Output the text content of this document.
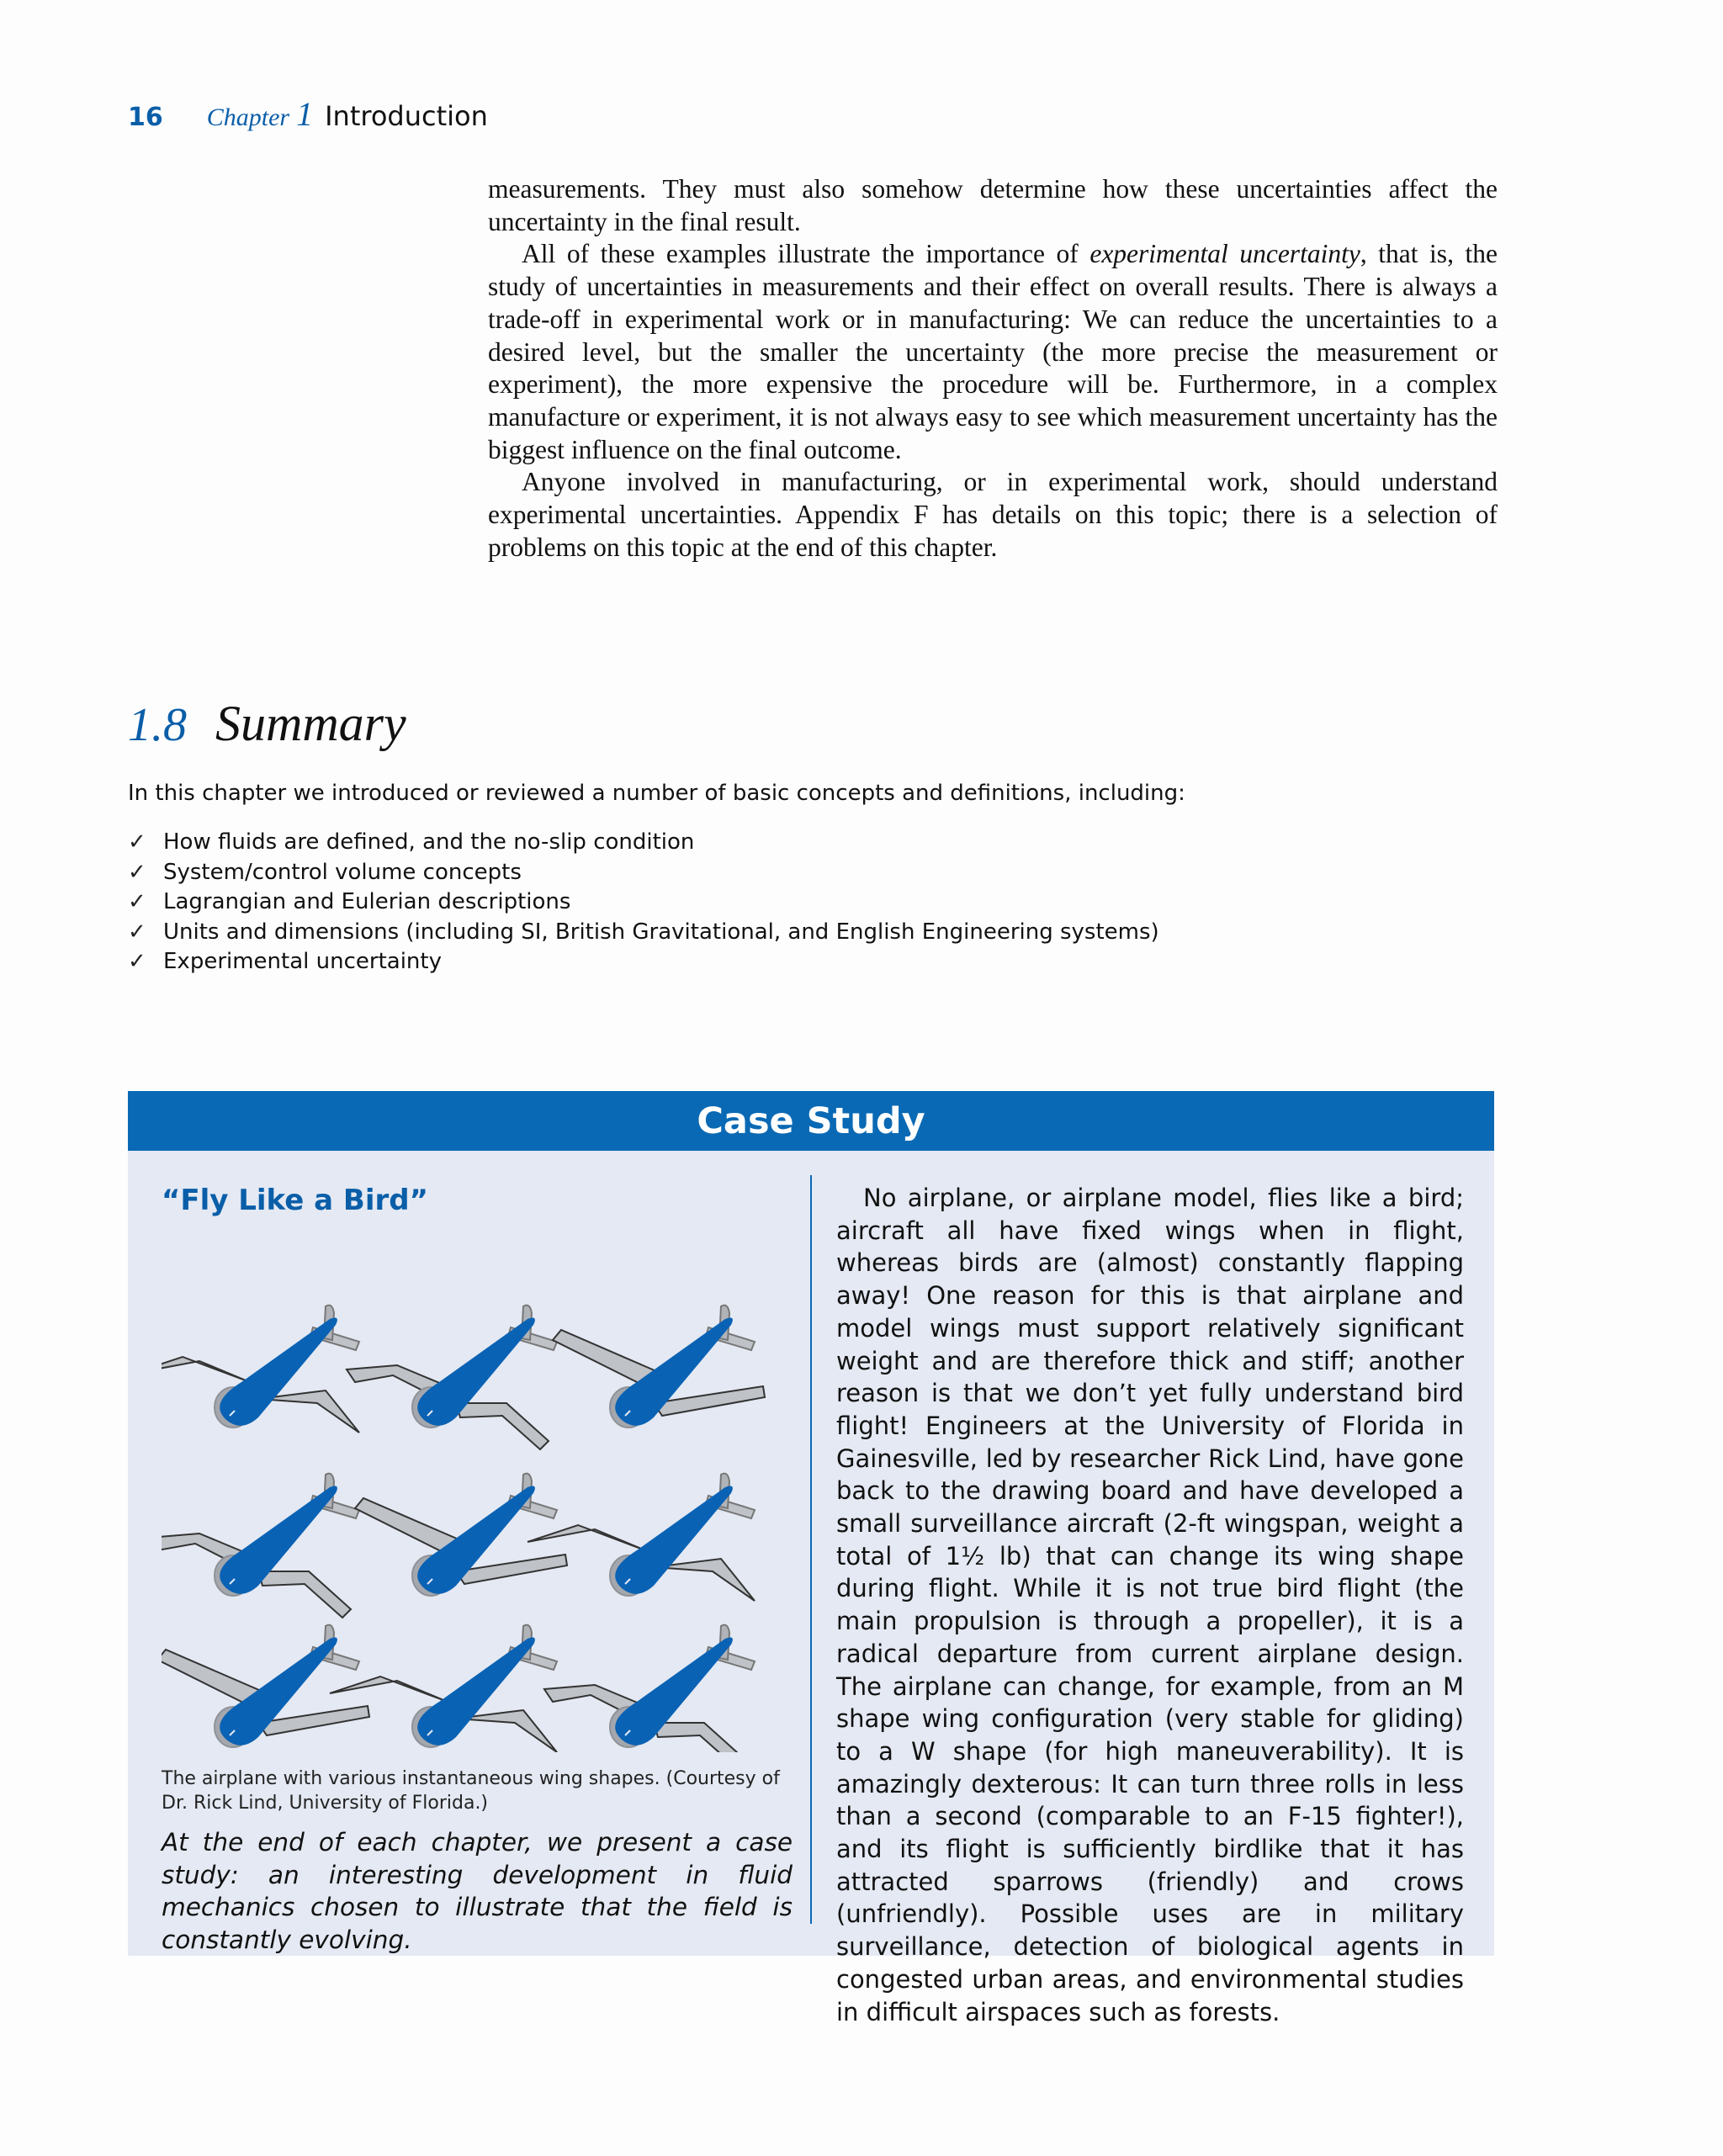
16 Chapter 1 Introduction

measurements. They must also somehow determine how these uncertainties affect the uncertainty in the final result.

All of these examples illustrate the importance of experimental uncertainty, that is, the study of uncertainties in measurements and their effect on overall results. There is always a trade-off in experimental work or in manufacturing: We can reduce the uncertainties to a desired level, but the smaller the uncertainty (the more precise the measurement or experiment), the more expensive the procedure will be. Furthermore, in a complex manufacture or experiment, it is not always easy to see which measurement uncertainty has the biggest influence on the final outcome.

Anyone involved in manufacturing, or in experimental work, should understand experimental uncertainties. Appendix F has details on this topic; there is a selection of problems on this topic at the end of this chapter.

1.8 Summary
In this chapter we introduced or reviewed a number of basic concepts and definitions, including:
✓ How fluids are defined, and the no-slip condition
✓ System/control volume concepts
✓ Lagrangian and Eulerian descriptions
✓ Units and dimensions (including SI, British Gravitational, and English Engineering systems)
✓ Experimental uncertainty
Case Study
“Fly Like a Bird”
The airplane with various instantaneous wing shapes. (Courtesy of Dr. Rick Lind, University of Florida.)
At the end of each chapter, we present a case study: an interesting development in fluid mechanics chosen to illustrate that the field is constantly evolving.
No airplane, or airplane model, flies like a bird; aircraft all have fixed wings when in flight, whereas birds are (almost) constantly flapping away! One reason for this is that airplane and model wings must support relatively significant weight and are therefore thick and stiff; another reason is that we don’t yet fully understand bird flight! Engineers at the University of Florida in Gainesville, led by researcher Rick Lind, have gone back to the drawing board and have developed a small surveillance aircraft (2-ft wingspan, weight a total of 1½ lb) that can change its wing shape during flight. While it is not true bird flight (the main propulsion is through a propeller), it is a radical departure from current airplane design. The airplane can change, for example, from an M shape wing configuration (very stable for gliding) to a W shape (for high maneuverability). It is amazingly dexterous: It can turn three rolls in less than a second (comparable to an F-15 fighter!), and its flight is sufficiently birdlike that it has attracted sparrows (friendly) and crows (unfriendly). Possible uses are in military surveillance, detection of biological agents in congested urban areas, and environmental studies in difficult airspaces such as forests.
